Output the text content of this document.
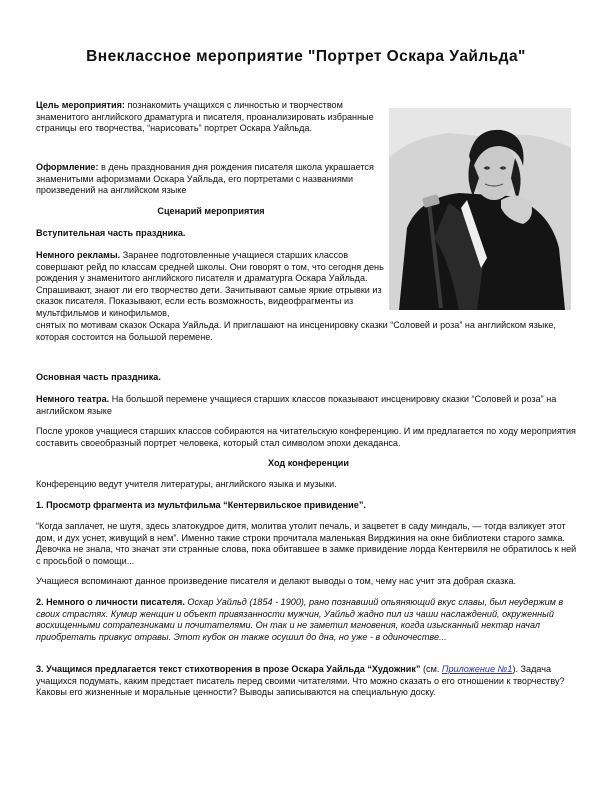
Внеклассное мероприятие "Портрет Оскара Уайльда"

Цель мероприятия: познакомить учащихся с личностью и творчеством знаменитого английского драматурга и писателя, проанализировать избранные страницы его творчества, “нарисовать” портрет Оскара Уайльда.

Оформление: в день празднования дня рождения писателя школа украшается знаменитыми афоризмами Оскара Уайльда, его портретами с названиями произведений на английском языке

Сценарий мероприятия

Вступительная часть праздника.

Немного рекламы. Заранее подготовленные учащиеся старших классов совершают рейд по классам средней школы. Они говорят о том, что сегодня день рождения у знаменитого английского писателя и драматурга Оскара Уайльда. Спрашивают, знают ли его творчество дети. Зачитывают самые яркие отрывки из сказок писателя. Показывают, если есть возможность, видеофрагменты из мультфильмов и кинофильмов,

снятых по мотивам сказок Оскара Уайльда. И приглашают на инсценировку сказки “Соловей и роза” на английском языке, которая состоится на большой перемене.

Основная часть праздника.

Немного театра. На большой перемене учащиеся старших классов показывают инсценировку сказки “Соловей и роза” на английском языке

После уроков учащиеся старших классов собираются на читательскую конференцию. И им предлагается по ходу мероприятия составить своеобразный портрет человека, который стал символом эпохи декаданса.

Ход конференции

Конференцию ведут учителя литературы, английского языка и музыки.

1. Просмотр фрагмента из мультфильма “Кентервильское привидение”.

“Когда заплачет, не шутя, здесь златокудрое дитя, молитва утолит печаль, и зацветет в саду миндаль, — тогда взликует этот дом, и дух уснет, живущий в нем”. Именно такие строки прочитала маленькая Вирджиния на окне библиотеки старого замка. Девочка не знала, что значат эти странные слова, пока обитавшее в замке привидение лорда Кентервиля не обратилось к ней с просьбой о помощи...

Учащиеся вспоминают данное произведение писателя и делают выводы о том, чему нас учит эта добрая сказка.

2. Немного о личности писателя. Оскар Уайльд (1854 - 1900), рано познавший опьяняющий вкус славы, был неудержим в своих страстях. Кумир женщин и объект привязанности мужчин, Уайльд жадно пил из чаши наслаждений, окруженный восхищенными сотрапезниками и почитателями. Он так и не заметил мгновения, когда изысканный нектар начал приобретать привкус отравы. Этот кубок он также осушил до дна, но уже - в одиночестве...

3. Учащимся предлагается текст стихотворения в прозе Оскара Уайльда “Художник” (см. Приложение №1). Задача учащихся подумать, каким предстает писатель перед своими читателями. Что можно сказать о его отношении к творчеству? Каковы его жизненные и моральные ценности? Выводы записываются на специальную доску.
